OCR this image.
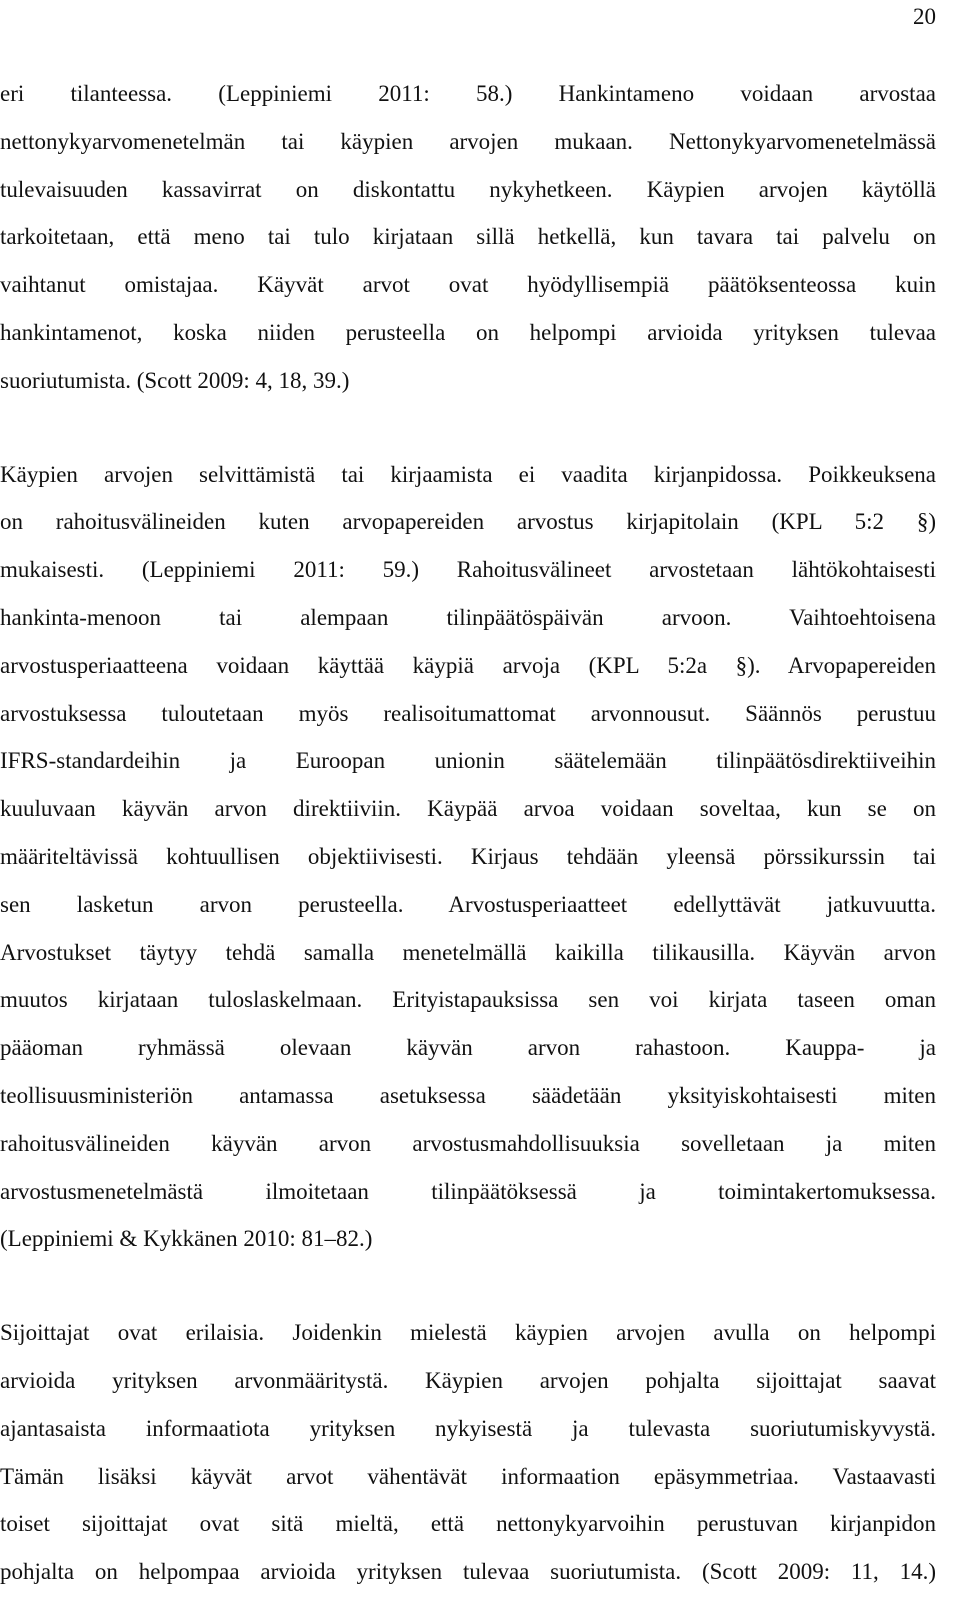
20
eri tilanteessa. (Leppiniemi 2011: 58.) Hankintameno voidaan arvostaa
nettonykyarvomenetelmän tai käypien arvojen mukaan. Nettonykyarvomenetelmässä
tulevaisuuden kassavirrat on diskontattu nykyhetkeen. Käypien arvojen käytöllä
tarkoitetaan, että meno tai tulo kirjataan sillä hetkellä, kun tavara tai palvelu on
vaihtanut omistajaa. Käyvät arvot ovat hyödyllisempiä päätöksenteossa kuin
hankintamenot, koska niiden perusteella on helpompi arvioida yrityksen tulevaa
suoriutumista. (Scott 2009: 4, 18, 39.)
Käypien arvojen selvittämistä tai kirjaamista ei vaadita kirjanpidossa. Poikkeuksena
on rahoitusvälineiden kuten arvopapereiden arvostus kirjapitolain (KPL 5:2 §)
mukaisesti. (Leppiniemi 2011: 59.) Rahoitusvälineet arvostetaan lähtökohtaisesti
hankinta-menoon tai alempaan tilinpäätöspäivän arvoon. Vaihtoehtoisena
arvostusperiaatteena voidaan käyttää käypiä arvoja (KPL 5:2a §). Arvopapereiden
arvostuksessa tuloutetaan myös realisoitumattomat arvonnousut. Säännös perustuu
IFRS-standardeihin ja Euroopan unionin säätelemään tilinpäätösdirektiiveihin
kuuluvaan käyvän arvon direktiiviin. Käypää arvoa voidaan soveltaa, kun se on
määriteltävissä kohtuullisen objektiivisesti. Kirjaus tehdään yleensä pörssikurssin tai
sen lasketun arvon perusteella. Arvostusperiaatteet edellyttävät jatkuvuutta.
Arvostukset täytyy tehdä samalla menetelmällä kaikilla tilikausilla. Käyvän arvon
muutos kirjataan tuloslaskelmaan. Erityistapauksissa sen voi kirjata taseen oman
pääoman ryhmässä olevaan käyvän arvon rahastoon. Kauppa- ja
teollisuusministeriön antamassa asetuksessa säädetään yksityiskohtaisesti miten
rahoitusvälineiden käyvän arvon arvostusmahdollisuuksia sovelletaan ja miten
arvostusmenetelmästä ilmoitetaan tilinpäätöksessä ja toimintakertomuksessa.
(Leppiniemi & Kykkänen 2010: 81–82.)
Sijoittajat ovat erilaisia. Joidenkin mielestä käypien arvojen avulla on helpompi
arvioida yrityksen arvonmääritystä. Käypien arvojen pohjalta sijoittajat saavat
ajantasaista informaatiota yrityksen nykyisestä ja tulevasta suoriutumiskyvystä.
Tämän lisäksi käyvät arvot vähentävät informaation epäsymmetriaa. Vastaavasti
toiset sijoittajat ovat sitä mieltä, että nettonykyarvoihin perustuvan kirjanpidon
pohjalta on helpompaa arvioida yrityksen tulevaa suoriutumista. (Scott 2009: 11, 14.)
